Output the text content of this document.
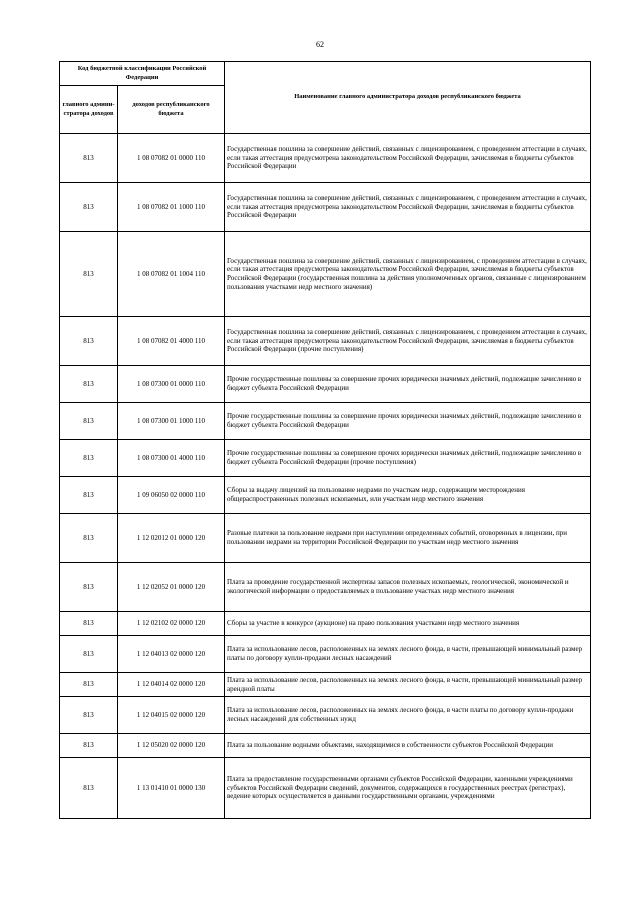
62
Код бюджетной классификации Российской Федерации		Наименование главного администратора доходов республиканского бюджета
главного админи-стратора доходов	доходов республиканского бюджета	
813	1 08 07082 01 0000 110	Государственная пошлина за совершение действий, связанных с лицензированием, с проведением аттестации в случаях, если такая аттестация предусмотрена законодательством Российской Федерации, зачисляемая в бюджеты субъектов Российской Федерации
813	1 08 07082 01 1000 110	Государственная пошлина за совершение действий, связанных с лицензированием, с проведением аттестации в случаях, если такая аттестация предусмотрена законодательством Российской Федерации, зачисляемая в бюджеты субъектов Российской Федерации
813	1 08 07082 01 1004 110	Государственная пошлина за совершение действий, связанных с лицензированием, с проведением аттестации в случаях, если такая аттестация предусмотрена законодательством Российской Федерации, зачисляемая в бюджеты субъектов Российской Федерации (государственная пошлина за действия уполномоченных органов, связанные с лицензированием пользования участками недр местного значения)
813	1 08 07082 01 4000 110	Государственная пошлина за совершение действий, связанных с лицензированием, с проведением аттестации в случаях, если такая аттестация предусмотрена законодательством Российской Федерации, зачисляемая в бюджеты субъектов Российской Федерации (прочие поступления)
813	1 08 07300 01 0000 110	Прочие государственные пошлины за совершение прочих юридически значимых действий, подлежащие зачислению в бюджет субъекта Российской Федерации
813	1 08 07300 01 1000 110	Прочие государственные пошлины за совершение прочих юридически значимых действий, подлежащие зачислению в бюджет субъекта Российской Федерации
813	1 08 07300 01 4000 110	Прочие государственные пошлины за совершение прочих юридически значимых действий, подлежащие зачислению в бюджет субъекта Российской Федерации (прочие поступления)
813	1 09 06050 02 0000 110	Сборы за выдачу лицензий на пользование недрами по участкам недр, содержащим месторождения общераспространенных полезных ископаемых, или участкам недр местного значения
813	1 12 02012 01 0000 120	Разовые платежи за пользование недрами при наступлении определенных событий, оговоренных в лицензии, при пользовании недрами на территории Российской Федерации по участкам недр местного значения
813	1 12 02052 01 0000 120	Плата за проведение государственной экспертизы запасов полезных ископаемых, геологической, экономической и экологической информации о предоставляемых в пользование участках недр местного значения
813	1 12 02102 02 0000 120	Сборы за участие в конкурсе (аукционе) на право пользования участками недр местного значения
813	1 12 04013 02 0000 120	Плата за использование лесов, расположенных на землях лесного фонда, в части, превышающей минимальный размер платы по договору купли-продажи лесных насаждений
813	1 12 04014 02 0000 120	Плата за использование лесов, расположенных на землях лесного фонда, в части, превышающей минимальный размер арендной платы
813	1 12 04015 02 0000 120	Плата за использование лесов, расположенных на землях лесного фонда, в части платы по договору купли-продажи лесных насаждений для собственных нужд
813	1 12 05020 02 0000 120	Плата за пользование водными объектами, находящимися в собственности субъектов Российской Федерации
813	1 13 01410 01 0000 130	Плата за предоставление государственными органами субъектов Российской Федерации, казенными учреждениями субъектов Российской Федерации сведений, документов, содержащихся в государственных реестрах (регистрах), ведение которых осуществляется в данными государственными органами, учреждениями
